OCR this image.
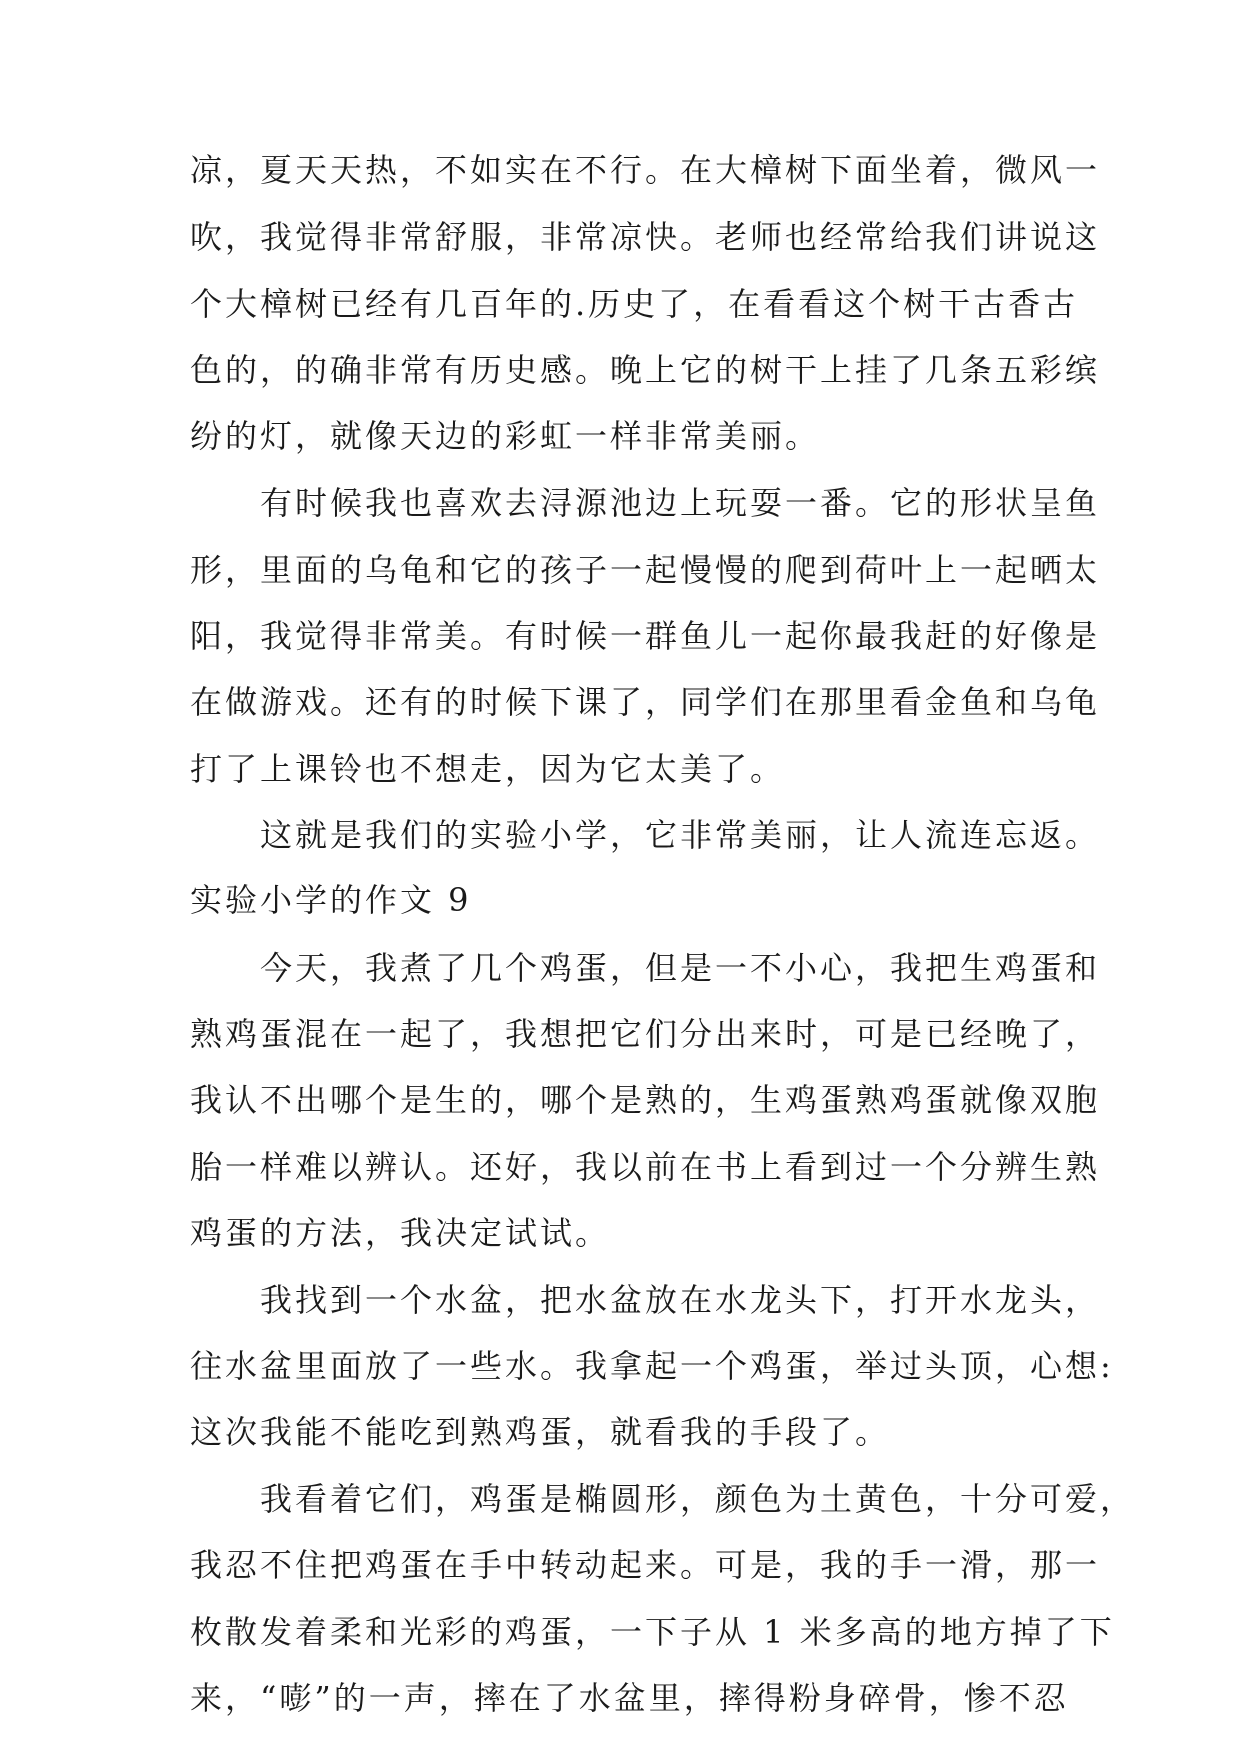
凉，夏天天热，不如实在不行。在大樟树下面坐着，微风一
吹，我觉得非常舒服，非常凉快。老师也经常给我们讲说这
个大樟树已经有几百年的.历史了，在看看这个树干古香古
色的，的确非常有历史感。晚上它的树干上挂了几条五彩缤
纷的灯，就像天边的彩虹一样非常美丽。
　　有时候我也喜欢去浔源池边上玩耍一番。它的形状呈鱼
形，里面的乌龟和它的孩子一起慢慢的爬到荷叶上一起晒太
阳，我觉得非常美。有时候一群鱼儿一起你最我赶的好像是
在做游戏。还有的时候下课了，同学们在那里看金鱼和乌龟
打了上课铃也不想走，因为它太美了。
　　这就是我们的实验小学，它非常美丽，让人流连忘返。
实验小学的作文 9
　　今天，我煮了几个鸡蛋，但是一不小心，我把生鸡蛋和
熟鸡蛋混在一起了，我想把它们分出来时，可是已经晚了，
我认不出哪个是生的，哪个是熟的，生鸡蛋熟鸡蛋就像双胞
胎一样难以辨认。还好，我以前在书上看到过一个分辨生熟
鸡蛋的方法，我决定试试。
　　我找到一个水盆，把水盆放在水龙头下，打开水龙头，
往水盆里面放了一些水。我拿起一个鸡蛋，举过头顶，心想:
这次我能不能吃到熟鸡蛋，就看我的手段了。
　　我看着它们，鸡蛋是椭圆形，颜色为土黄色，十分可爱，
我忍不住把鸡蛋在手中转动起来。可是，我的手一滑，那一
枚散发着柔和光彩的鸡蛋，一下子从 1 米多高的地方掉了下
来，“嘭”的一声，摔在了水盆里，摔得粉身碎骨，惨不忍
